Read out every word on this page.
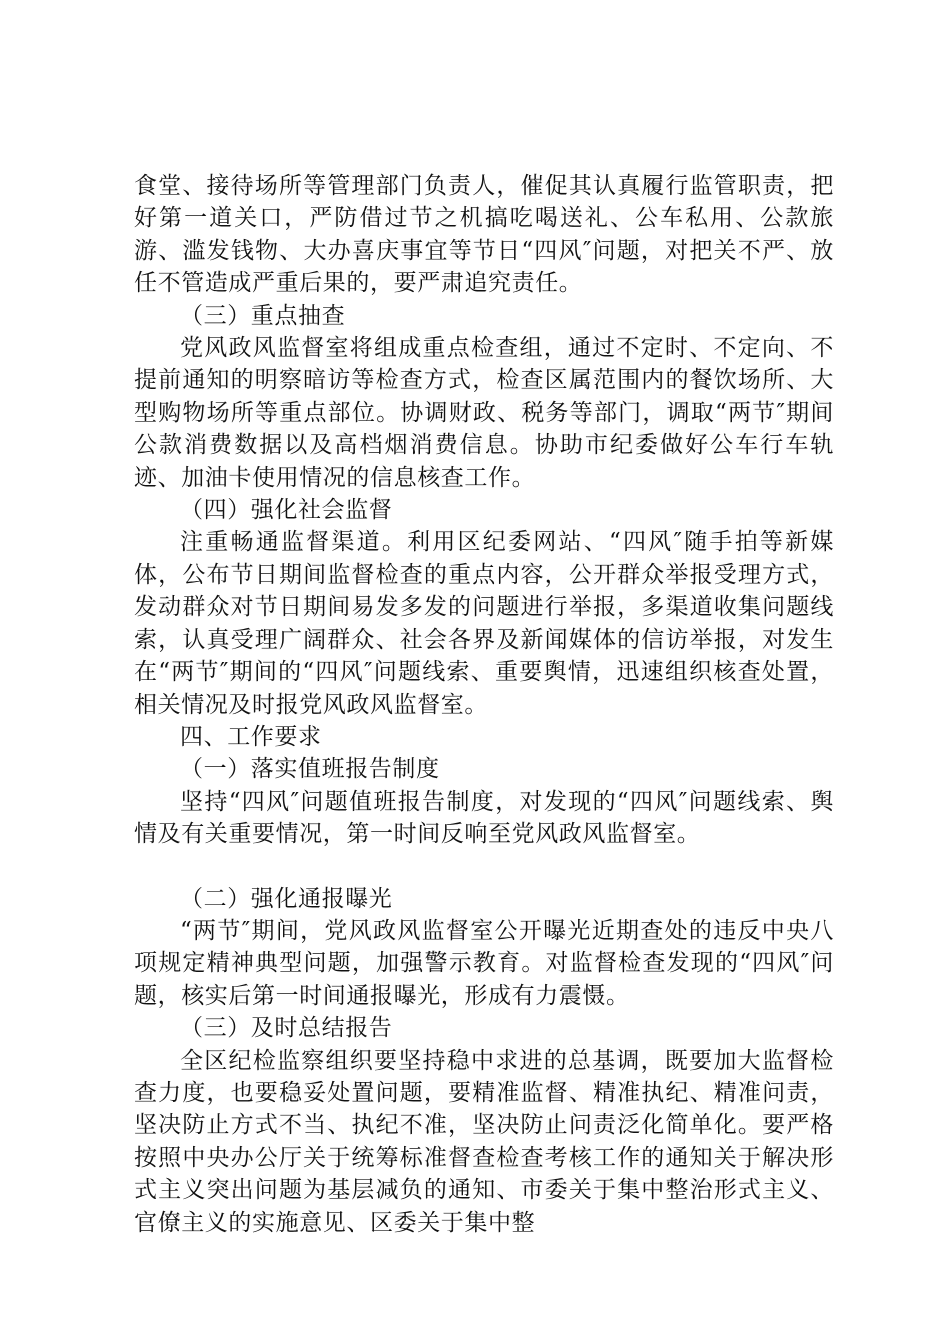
食堂、接待场所等管理部门负责人，催促其认真履行监管职责，把好第一道关口，严防借过节之机搞吃喝送礼、公车私用、公款旅游、滥发钱物、大办喜庆事宜等节日“四风″问题，对把关不严、放任不管造成严重后果的，要严肃追究责任。

（三）重点抽查

党风政风监督室将组成重点检查组，通过不定时、不定向、不提前通知的明察暗访等检查方式，检查区属范围内的餐饮场所、大型购物场所等重点部位。协调财政、税务等部门，调取“两节″期间公款消费数据以及高档烟消费信息。协助市纪委做好公车行车轨迹、加油卡使用情况的信息核查工作。

（四）强化社会监督

注重畅通监督渠道。利用区纪委网站、“四风″随手拍等新媒体，公布节日期间监督检查的重点内容，公开群众举报受理方式，发动群众对节日期间易发多发的问题进行举报，多渠道收集问题线索，认真受理广阔群众、社会各界及新闻媒体的信访举报，对发生在“两节″期间的“四风″问题线索、重要舆情，迅速组织核查处置，相关情况及时报党风政风监督室。

四、工作要求

（一）落实值班报告制度

坚持“四风″问题值班报告制度，对发现的“四风″问题线索、舆情及有关重要情况，第一时间反响至党风政风监督室。

（二）强化通报曝光

“两节″期间，党风政风监督室公开曝光近期查处的违反中央八项规定精神典型问题，加强警示教育。对监督检查发现的“四风″问题，核实后第一时间通报曝光，形成有力震慑。

（三）及时总结报告

全区纪检监察组织要坚持稳中求进的总基调，既要加大监督检查力度，也要稳妥处置问题，要精准监督、精准执纪、精准问责，坚决防止方式不当、执纪不准，坚决防止问责泛化简单化。要严格按照中央办公厅关于统筹标准督查检查考核工作的通知关于解决形式主义突出问题为基层减负的通知、市委关于集中整治形式主义、官僚主义的实施意见、区委关于集中整
